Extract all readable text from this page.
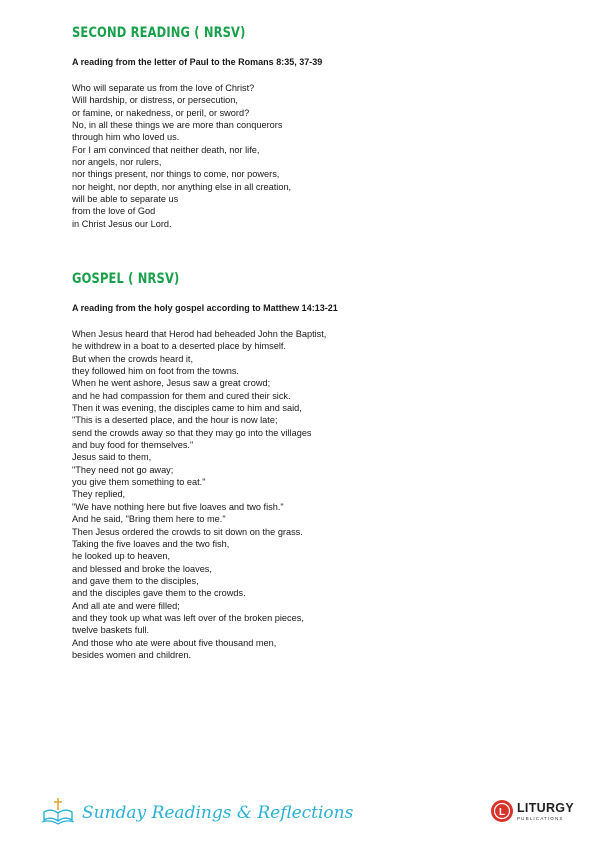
SECOND READING ( NRSV)
A reading from the letter of Paul to the Romans 8:35, 37-39
Who will separate us from the love of Christ?
Will hardship, or distress, or persecution,
or famine, or nakedness, or peril, or sword?
No, in all these things we are more than conquerors
through him who loved us.
For I am convinced that neither death, nor life,
nor angels, nor rulers,
nor things present, nor things to come, nor powers,
nor height, nor depth, nor anything else in all creation,
will be able to separate us
from the love of God
in Christ Jesus our Lord.
GOSPEL ( NRSV)
A reading from the holy gospel according to Matthew 14:13-21
When Jesus heard that Herod had beheaded John the Baptist,
he withdrew in a boat to a deserted place by himself.
But when the crowds heard it,
they followed him on foot from the towns.
When he went ashore, Jesus saw a great crowd;
and he had compassion for them and cured their sick.
Then it was evening, the disciples came to him and said,
"This is a deserted place, and the hour is now late;
send the crowds away so that they may go into the villages
and buy food for themselves."
Jesus said to them,
"They need not go away;
you give them something to eat."
They replied,
"We have nothing here but five loaves and two fish."
And he said, "Bring them here to me."
Then Jesus ordered the crowds to sit down on the grass.
Taking the five loaves and the two fish,
he looked up to heaven,
and blessed and broke the loaves,
and gave them to the disciples,
and the disciples gave them to the crowds.
And all ate and were filled;
and they took up what was left over of the broken pieces,
twelve baskets full.
And those who ate were about five thousand men,
besides women and children.
Sunday Readings & Reflections	L LITURGY
PUBLICATIONS
